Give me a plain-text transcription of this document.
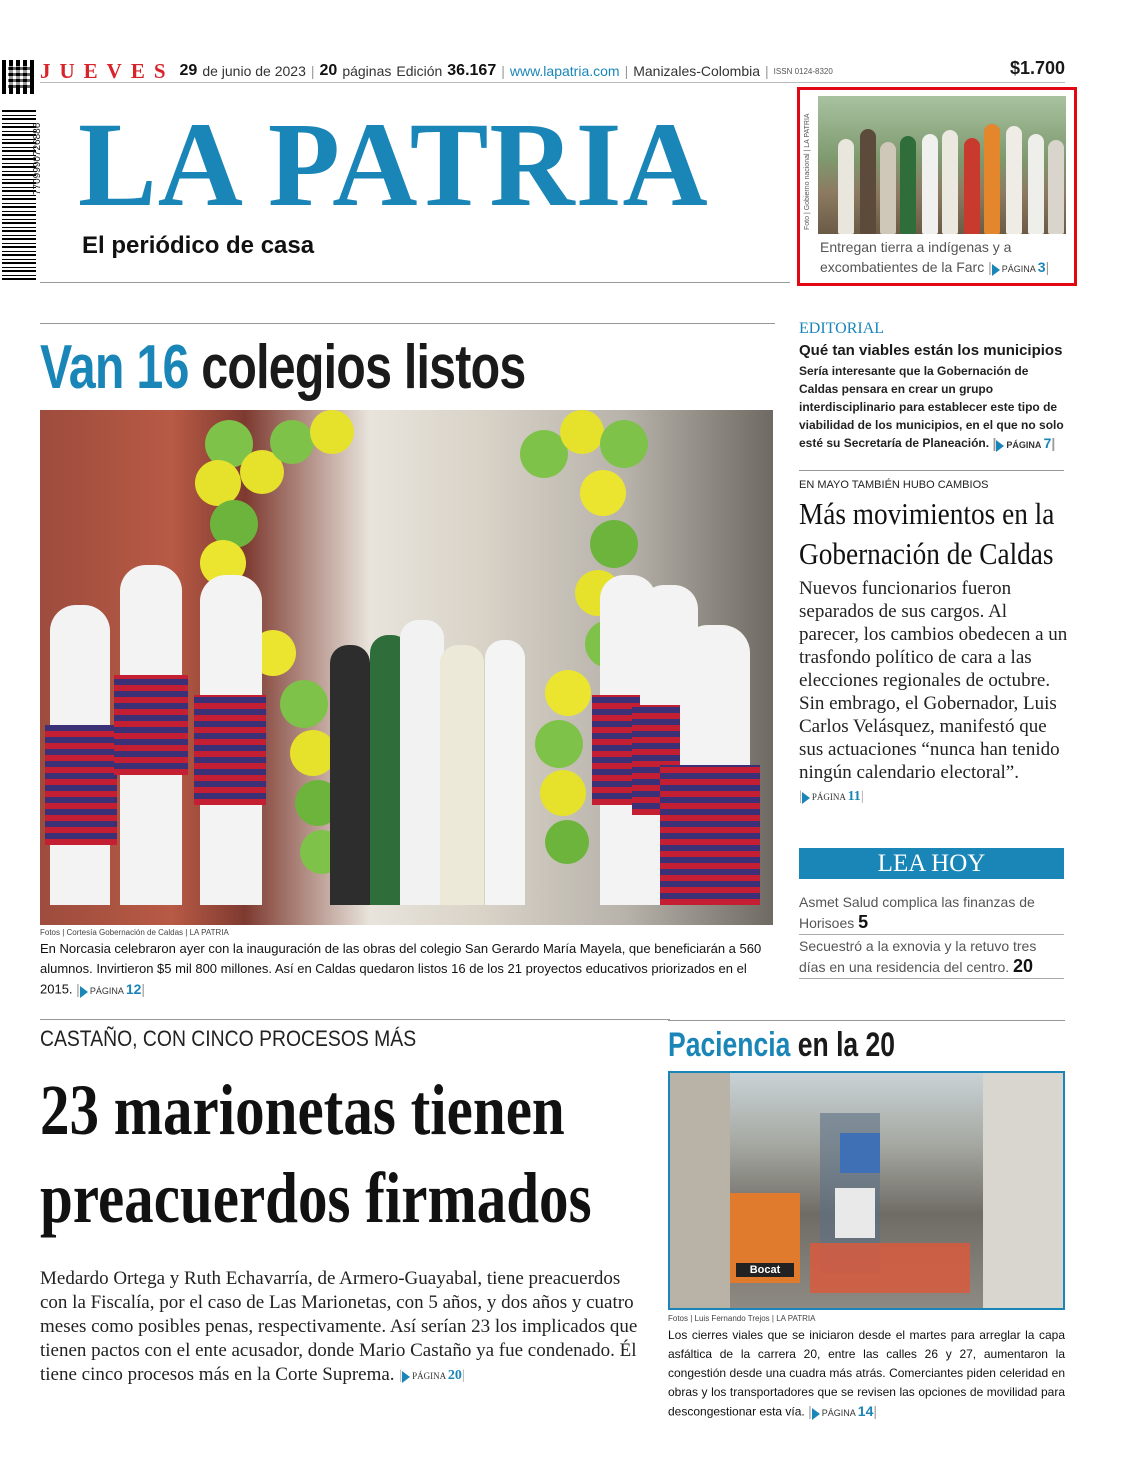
7709990726886
JUEVES 29 de junio de 2023 | 20 páginas Edición 36.167 | www.lapatria.com | Manizales-Colombia | ISSN 0124-8320	$1.700
LA PATRIA
El periódico de casa
Foto | Gobierno nacional | LA PATRIA
Entregan tierra a indígenas y a excombatientes de la Farc | PÁGINA 3|
Van 16 colegios listos
Fotos | Cortesía Gobernación de Caldas | LA PATRIA
En Norcasia celebraron ayer con la inauguración de las obras del colegio San Gerardo María Mayela, que beneficiarán a 560 alumnos. Invirtieron $5 mil 800 millones. Así en Caldas quedaron listos 16 de los 21 proyectos educativos priorizados en el 2015. | PÁGINA 12|
EDITORIAL
Qué tan viables están los municipios
Sería interesante que la Gobernación de Caldas pensara en crear un grupo interdisciplinario para establecer este tipo de viabilidad de los municipios, en el que no solo esté su Secretaría de Planeación. | PÁGINA 7|
EN MAYO TAMBIÉN HUBO CAMBIOS
Más movimientos en la Gobernación de Caldas
Nuevos funcionarios fueron separados de sus cargos. Al parecer, los cambios obedecen a un trasfondo político de cara a las elecciones regionales de octubre. Sin embrago, el Gobernador, Luis Carlos Velásquez, manifestó que sus actuaciones “nunca han tenido ningún calendario electoral”.
| PÁGINA 11|
LEA HOY
Asmet Salud complica las finanzas de Horisoes 5
Secuestró a la exnovia y la retuvo tres días en una residencia del centro. 20
CASTAÑO, CON CINCO PROCESOS MÁS
23 marionetas tienen preacuerdos firmados
Medardo Ortega y Ruth Echavarría, de Armero-Guayabal, tiene preacuerdos con la Fiscalía, por el caso de Las Marionetas, con 5 años, y dos años y cuatro meses como posibles penas, respectivamente. Así serían 23 los implicados que tienen pactos con el ente acusador, donde Mario Castaño ya fue condenado. Él tiene cinco procesos más en la Corte Suprema. | PÁGINA 20|
Paciencia en la 20
Bocat
Fotos | Luis Fernando Trejos | LA PATRIA
Los cierres viales que se iniciaron desde el martes para arreglar la capa asfáltica de la carrera 20, entre las calles 26 y 27, aumentaron la congestión desde una cuadra más atrás. Comerciantes piden celeridad en obras y los transportadores que se revisen las opciones de movilidad para descongestionar esta vía. | PÁGINA 14|
